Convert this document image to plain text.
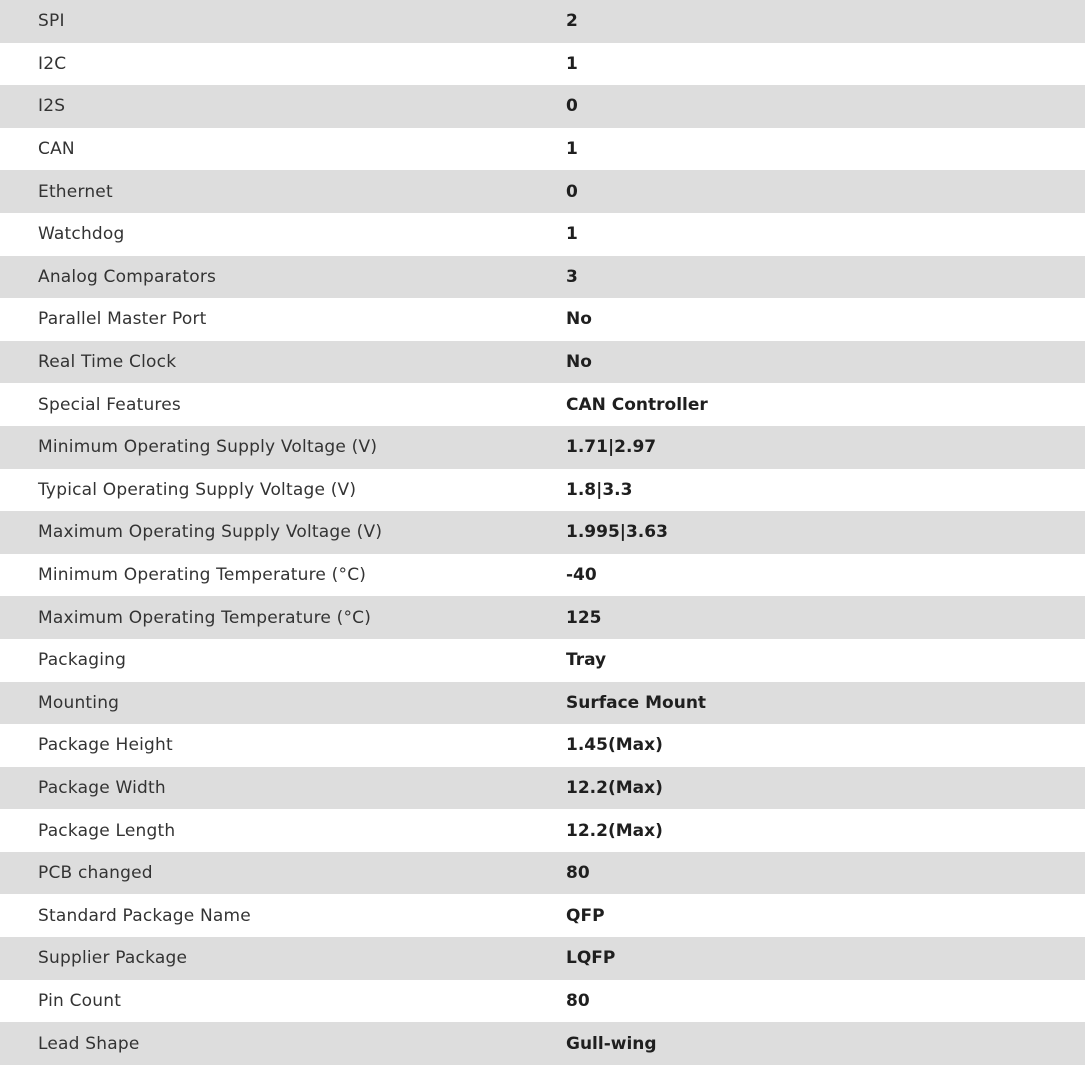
SPI	2
I2C	1
I2S	0
CAN	1
Ethernet	0
Watchdog	1
Analog Comparators	3
Parallel Master Port	No
Real Time Clock	No
Special Features	CAN Controller
Minimum Operating Supply Voltage (V)	1.71|2.97
Typical Operating Supply Voltage (V)	1.8|3.3
Maximum Operating Supply Voltage (V)	1.995|3.63
Minimum Operating Temperature (°C)	-40
Maximum Operating Temperature (°C)	125
Packaging	Tray
Mounting	Surface Mount
Package Height	1.45(Max)
Package Width	12.2(Max)
Package Length	12.2(Max)
PCB changed	80
Standard Package Name	QFP
Supplier Package	LQFP
Pin Count	80
Lead Shape	Gull-wing
